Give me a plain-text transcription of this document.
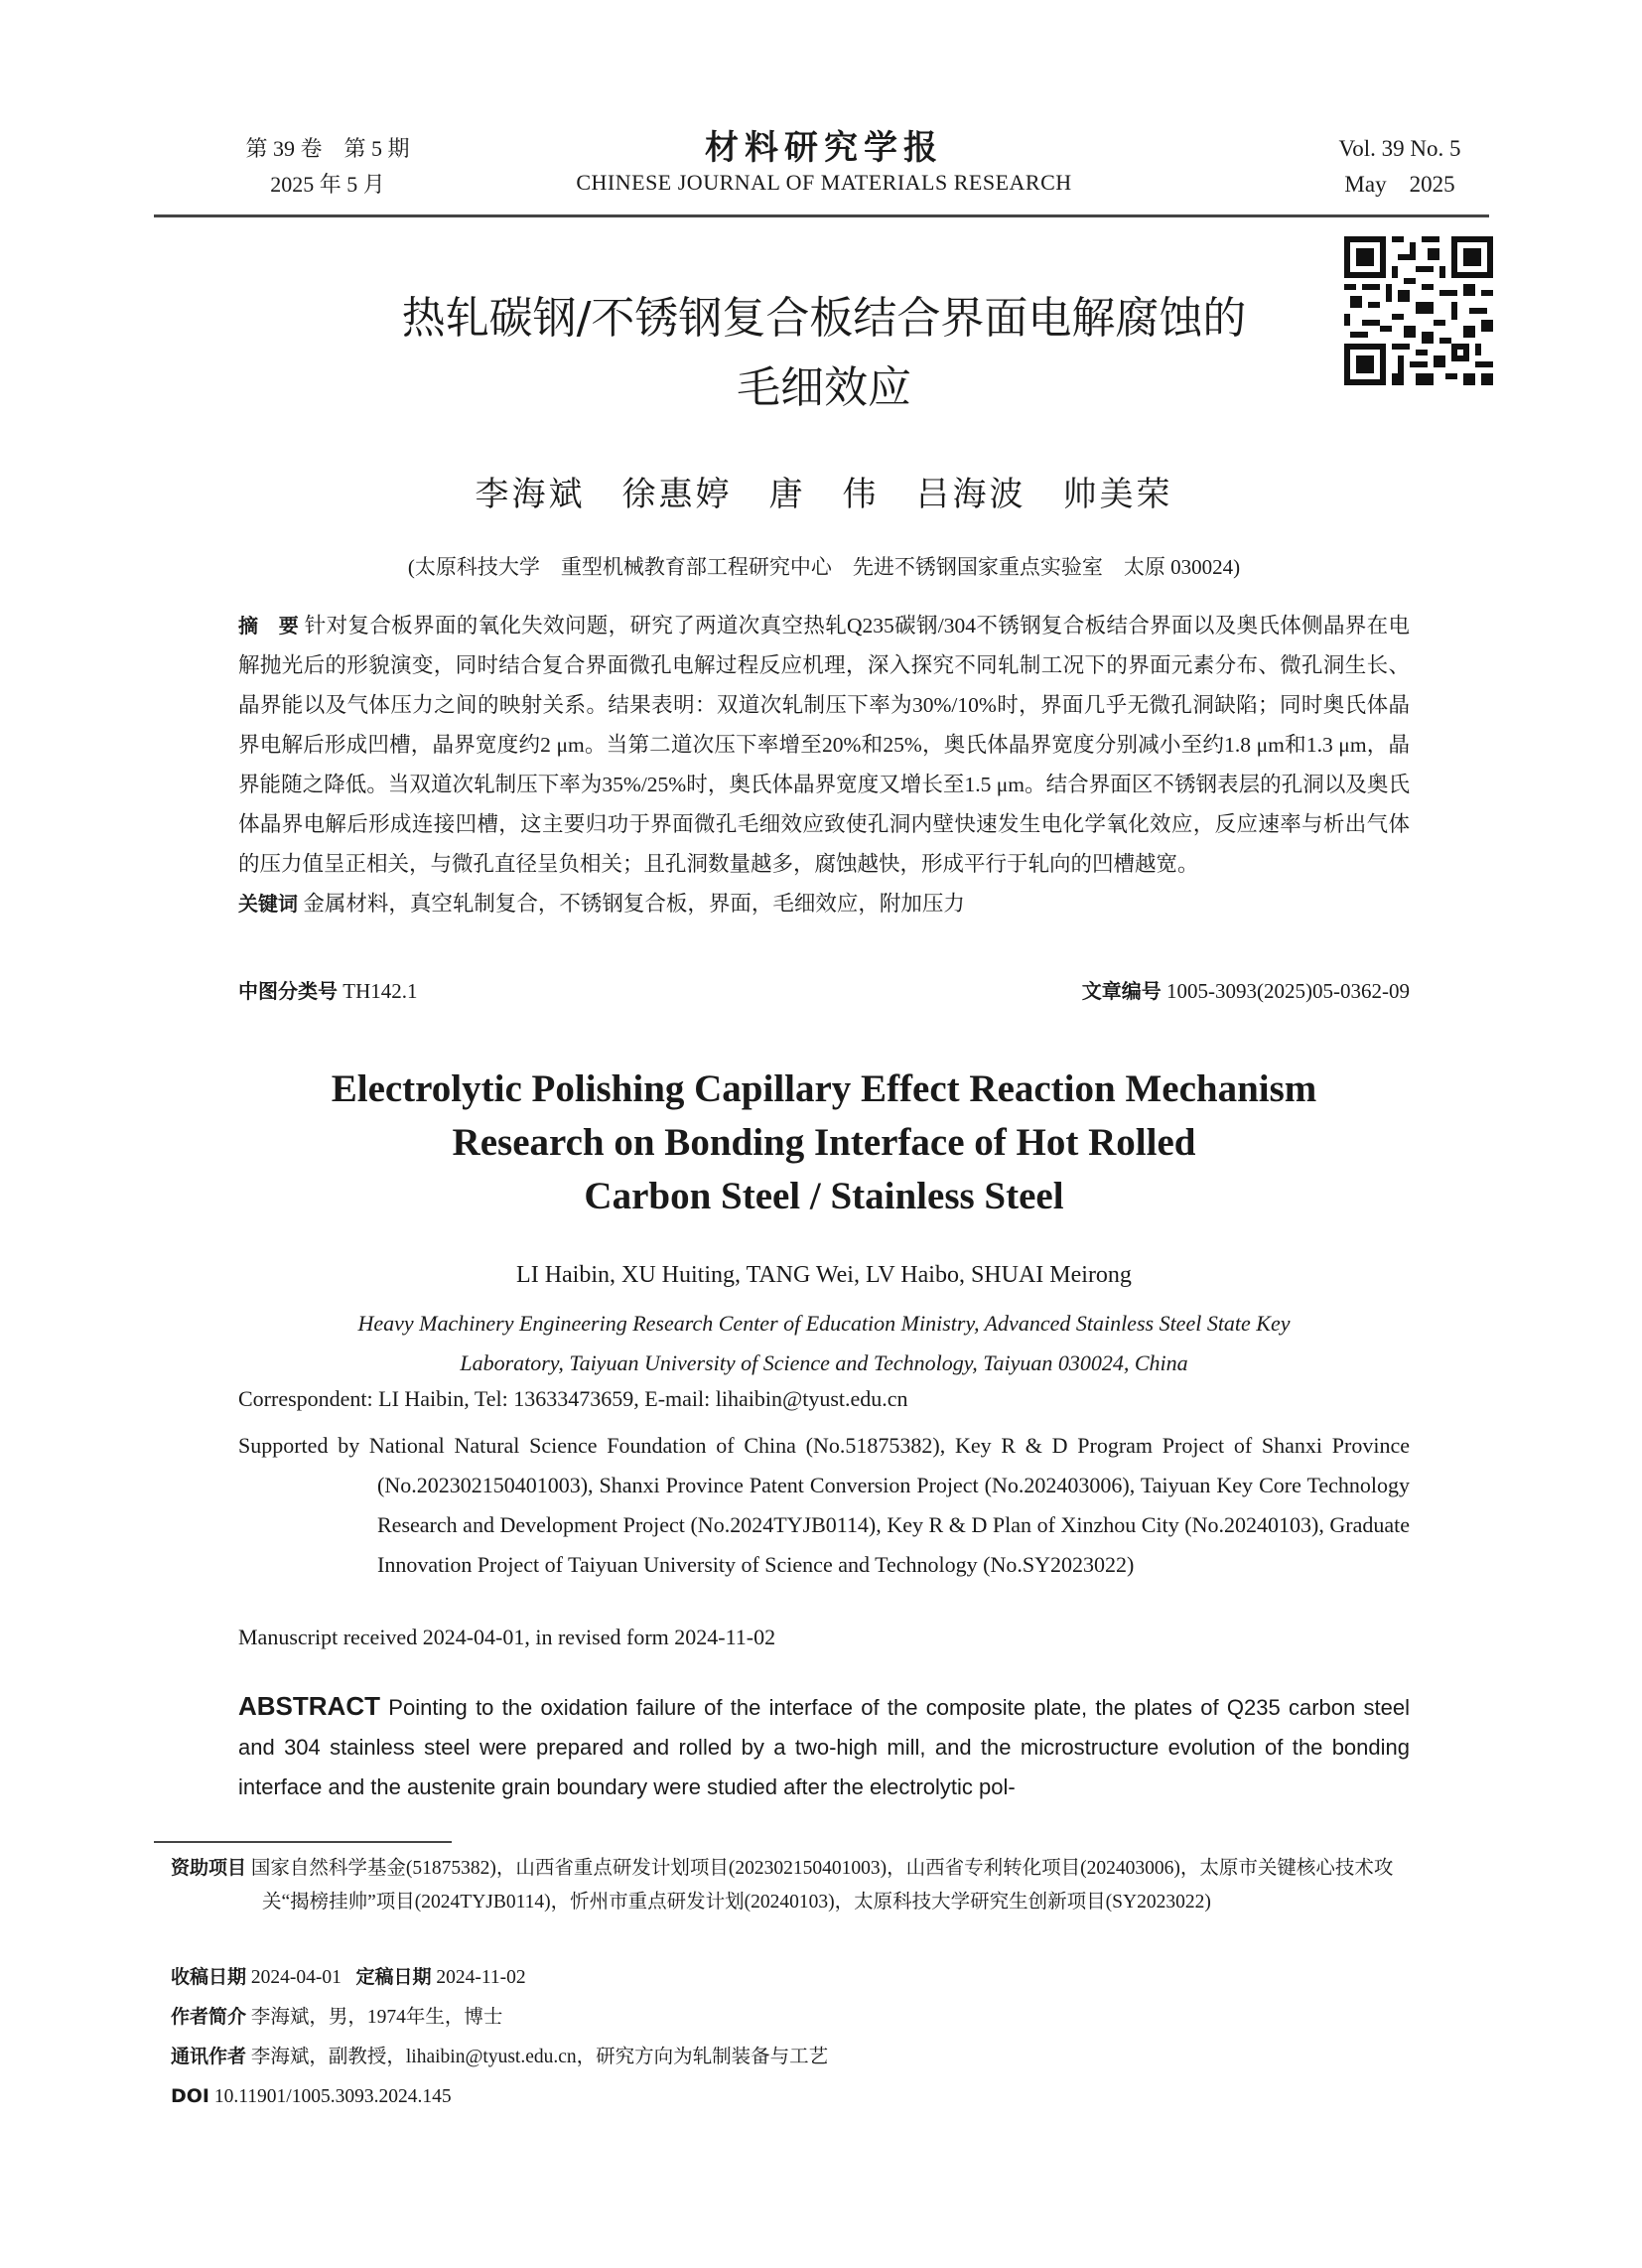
第 39 卷　第 5 期
2025 年 5 月
材料研究学报
CHINESE JOURNAL OF MATERIALS RESEARCH
Vol. 39 No. 5
May　2025
热轧碳钢/不锈钢复合板结合界面电解腐蚀的
毛细效应
李海斌　徐惠婷　唐　伟　吕海波　帅美荣
(太原科技大学　重型机械教育部工程研究中心　先进不锈钢国家重点实验室　太原 030024)
摘　要 针对复合板界面的氧化失效问题，研究了两道次真空热轧Q235碳钢/304不锈钢复合板结合界面以及奥氏体侧晶界在电解抛光后的形貌演变，同时结合复合界面微孔电解过程反应机理，深入探究不同轧制工况下的界面元素分布、微孔洞生长、晶界能以及气体压力之间的映射关系。结果表明：双道次轧制压下率为30%/10%时，界面几乎无微孔洞缺陷；同时奥氏体晶界电解后形成凹槽，晶界宽度约2 μm。当第二道次压下率增至20%和25%，奥氏体晶界宽度分别减小至约1.8 μm和1.3 μm，晶界能随之降低。当双道次轧制压下率为35%/25%时，奥氏体晶界宽度又增长至1.5 μm。结合界面区不锈钢表层的孔洞以及奥氏体晶界电解后形成连接凹槽，这主要归功于界面微孔毛细效应致使孔洞内壁快速发生电化学氧化效应，反应速率与析出气体的压力值呈正相关，与微孔直径呈负相关；且孔洞数量越多，腐蚀越快，形成平行于轧向的凹槽越宽。
关键词 金属材料，真空轧制复合，不锈钢复合板，界面，毛细效应，附加压力
中图分类号 TH142.1	文章编号 1005-3093(2025)05-0362-09
Electrolytic Polishing Capillary Effect Reaction Mechanism
Research on Bonding Interface of Hot Rolled
Carbon Steel / Stainless Steel
LI Haibin, XU Huiting, TANG Wei, LV Haibo, SHUAI Meirong
Heavy Machinery Engineering Research Center of Education Ministry, Advanced Stainless Steel State Key
Laboratory, Taiyuan University of Science and Technology, Taiyuan 030024, China
Correspondent: LI Haibin, Tel: 13633473659, E-mail: lihaibin@tyust.edu.cn
Supported by National Natural Science Foundation of China (No.51875382), Key R & D Program Project of Shanxi Province (No.202302150401003), Shanxi Province Patent Conversion Project (No.202403006), Taiyuan Key Core Technology Research and Development Project (No.2024TYJB0114), Key R & D Plan of Xinzhou City (No.20240103), Graduate Innovation Project of Taiyuan University of Science and Technology (No.SY2023022)
Manuscript received 2024-04-01, in revised form 2024-11-02
ABSTRACT Pointing to the oxidation failure of the interface of the composite plate, the plates of Q235 carbon steel and 304 stainless steel were prepared and rolled by a two-high mill, and the microstructure evolution of the bonding interface and the austenite grain boundary were studied after the electrolytic pol-
资助项目 国家自然科学基金(51875382)，山西省重点研发计划项目(202302150401003)，山西省专利转化项目(202403006)，太原市关键核心技术攻关“揭榜挂帅”项目(2024TYJB0114)，忻州市重点研发计划(20240103)，太原科技大学研究生创新项目(SY2023022)
收稿日期 2024-04-01 定稿日期 2024-11-02
作者简介 李海斌，男，1974年生，博士
通讯作者 李海斌，副教授，lihaibin@tyust.edu.cn，研究方向为轧制装备与工艺
DOI 10.11901/1005.3093.2024.145
